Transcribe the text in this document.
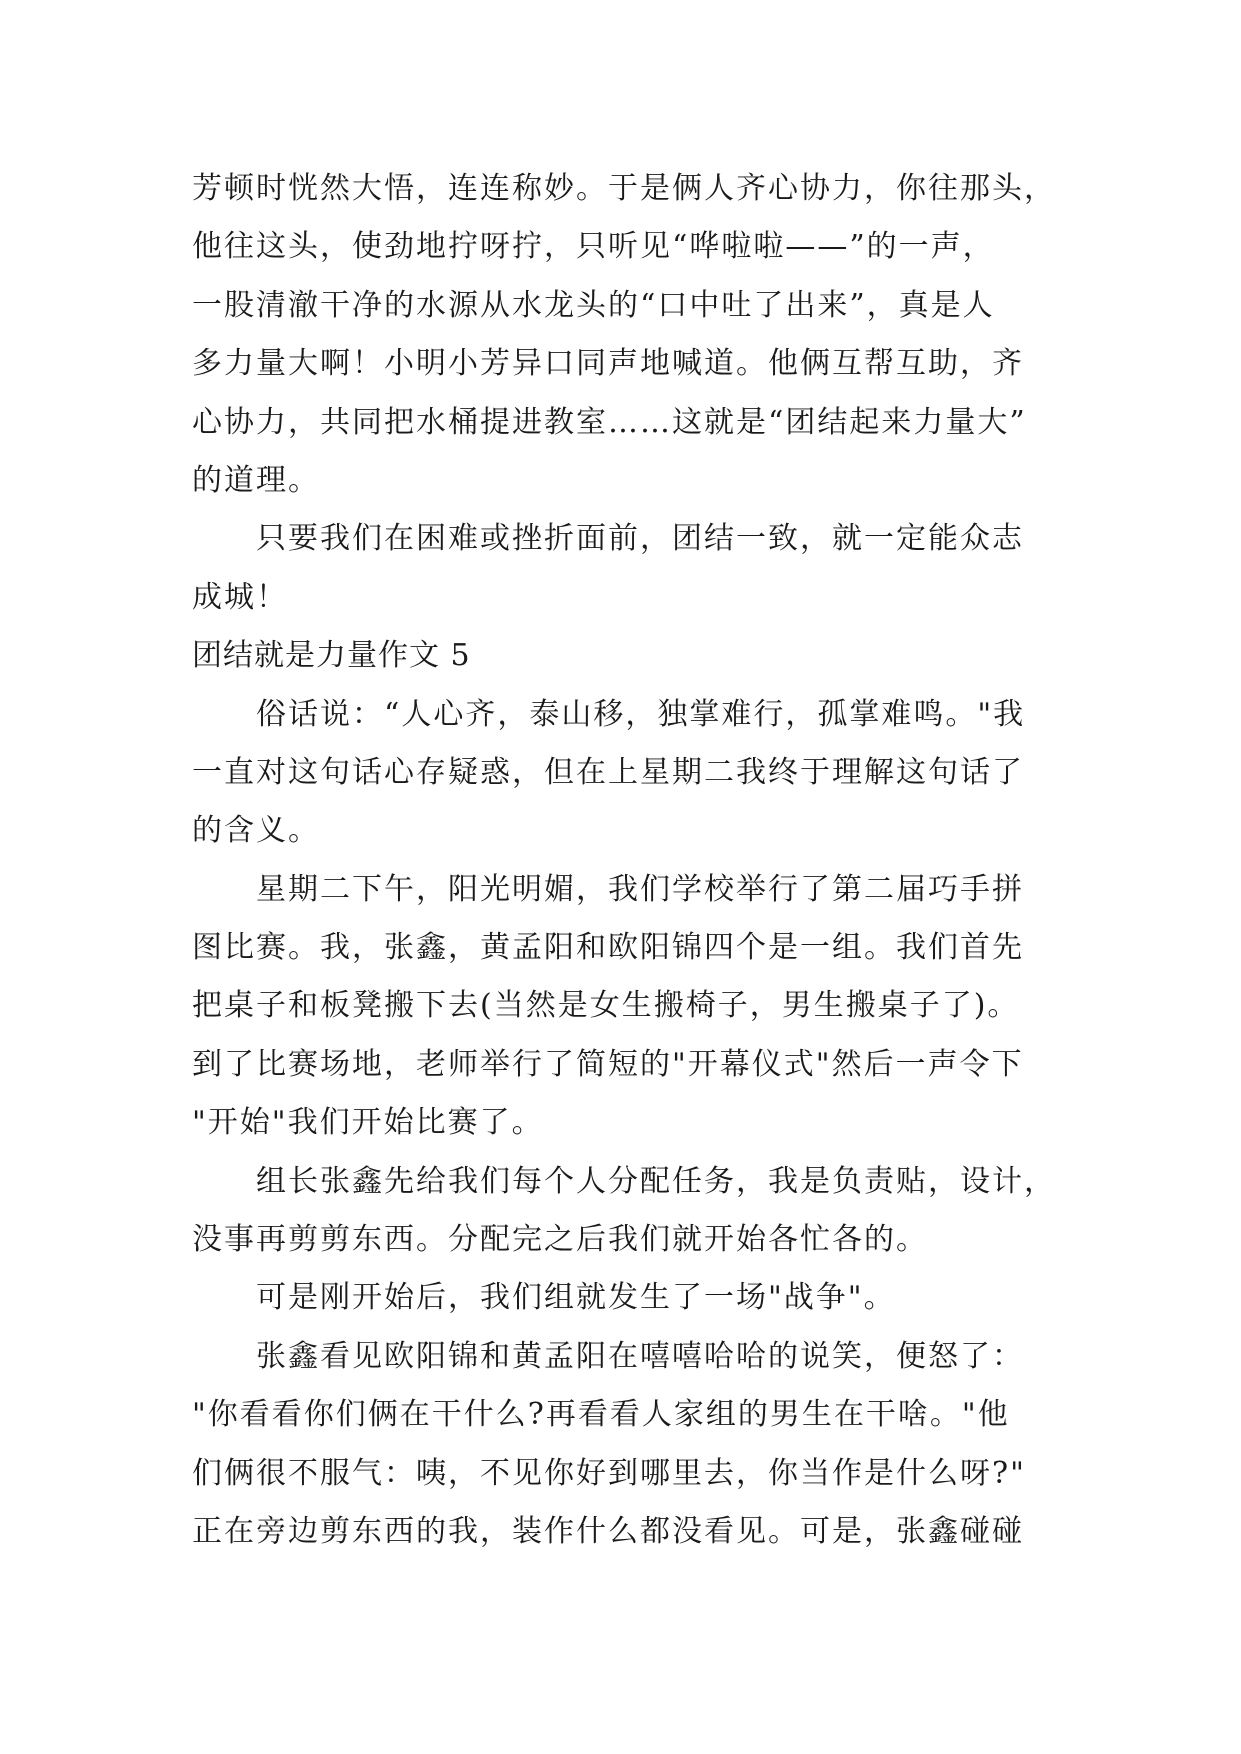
芳顿时恍然大悟，连连称妙。于是俩人齐心协力，你往那头，
他往这头，使劲地拧呀拧，只听见“哗啦啦——”的一声，
一股清澈干净的水源从水龙头的“口中吐了出来”，真是人
多力量大啊！小明小芳异口同声地喊道。他俩互帮互助，齐
心协力，共同把水桶提进教室……这就是“团结起来力量大”
的道理。
只要我们在困难或挫折面前，团结一致，就一定能众志
成城！
团结就是力量作文 5
俗话说：“人心齐，泰山移，独掌难行，孤掌难鸣。"我
一直对这句话心存疑惑，但在上星期二我终于理解这句话了
的含义。
星期二下午，阳光明媚，我们学校举行了第二届巧手拼
图比赛。我，张鑫，黄孟阳和欧阳锦四个是一组。我们首先
把桌子和板凳搬下去(当然是女生搬椅子，男生搬桌子了)。
到了比赛场地，老师举行了简短的"开幕仪式"然后一声令下
"开始"我们开始比赛了。
组长张鑫先给我们每个人分配任务，我是负责贴，设计，
没事再剪剪东西。分配完之后我们就开始各忙各的。
可是刚开始后，我们组就发生了一场"战争"。
张鑫看见欧阳锦和黄孟阳在嘻嘻哈哈的说笑，便怒了：
"你看看你们俩在干什么?再看看人家组的男生在干啥。"他
们俩很不服气：咦，不见你好到哪里去，你当作是什么呀?"
正在旁边剪东西的我，装作什么都没看见。可是，张鑫碰碰
